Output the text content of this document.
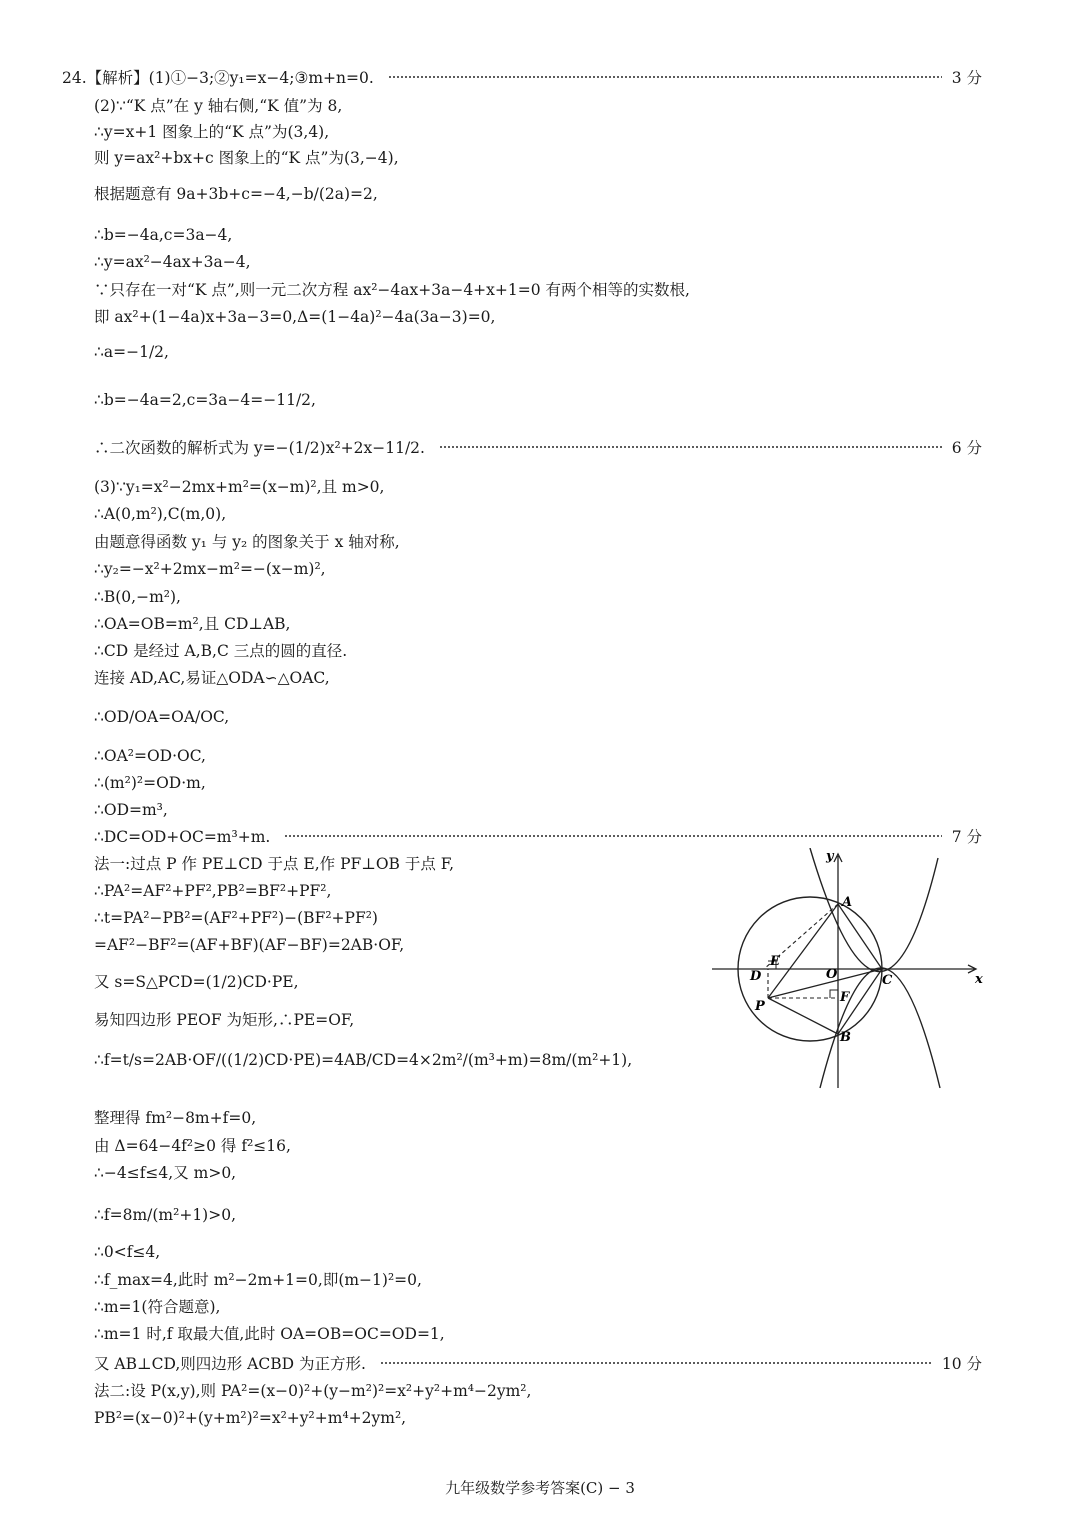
y
x
A
B
C
D
E
O
P
F
九年级数学参考答案(C) − 3
24.【解析】(1)①−3;②y₁=x−4;③m+n=0.	3 分
(2)∵“K 点”在 y 轴右侧,“K 值”为 8,
∴y=x+1 图象上的“K 点”为(3,4),
则 y=ax²+bx+c 图象上的“K 点”为(3,−4),
根据题意有 9a+3b+c=−4,−b/(2a)=2,
∴b=−4a,c=3a−4,
∴y=ax²−4ax+3a−4,
∵只存在一对“K 点”,则一元二次方程 ax²−4ax+3a−4+x+1=0 有两个相等的实数根,
即 ax²+(1−4a)x+3a−3=0,Δ=(1−4a)²−4a(3a−3)=0,
∴a=−1/2,
∴b=−4a=2,c=3a−4=−11/2,
∴二次函数的解析式为 y=−(1/2)x²+2x−11/2.	6 分
(3)∵y₁=x²−2mx+m²=(x−m)²,且 m>0,
∴A(0,m²),C(m,0),
由题意得函数 y₁ 与 y₂ 的图象关于 x 轴对称,
∴y₂=−x²+2mx−m²=−(x−m)²,
∴B(0,−m²),
∴OA=OB=m²,且 CD⊥AB,
∴CD 是经过 A,B,C 三点的圆的直径.
连接 AD,AC,易证△ODA∽△OAC,
∴OD/OA=OA/OC,
∴OA²=OD·OC,
∴(m²)²=OD·m,
∴OD=m³,
∴DC=OD+OC=m³+m.	7 分
法一:过点 P 作 PE⊥CD 于点 E,作 PF⊥OB 于点 F,
∴PA²=AF²+PF²,PB²=BF²+PF²,
∴t=PA²−PB²=(AF²+PF²)−(BF²+PF²)
=AF²−BF²=(AF+BF)(AF−BF)=2AB·OF,
又 s=S△PCD=(1/2)CD·PE,
易知四边形 PEOF 为矩形,∴PE=OF,
∴f=t/s=2AB·OF/((1/2)CD·PE)=4AB/CD=4×2m²/(m³+m)=8m/(m²+1),
整理得 fm²−8m+f=0,
由 Δ=64−4f²≥0 得 f²≤16,
∴−4≤f≤4,又 m>0,
∴f=8m/(m²+1)>0,
∴0<f≤4,
∴f_max=4,此时 m²−2m+1=0,即(m−1)²=0,
∴m=1(符合题意),
∴m=1 时,f 取最大值,此时 OA=OB=OC=OD=1,
又 AB⊥CD,则四边形 ACBD 为正方形.	10 分
法二:设 P(x,y),则 PA²=(x−0)²+(y−m²)²=x²+y²+m⁴−2ym²,
PB²=(x−0)²+(y+m²)²=x²+y²+m⁴+2ym²,
